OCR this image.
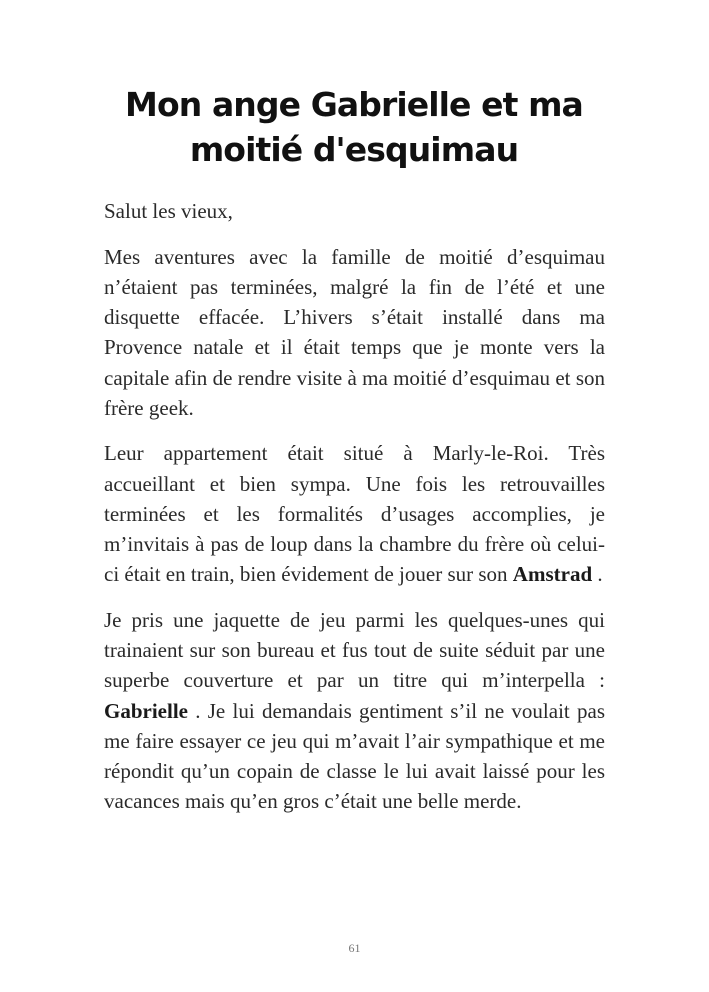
Mon ange Gabrielle et ma moitié d'esquimau

Salut les vieux,

Mes aventures avec la famille de moitié d’esquimau n’étaient pas terminées, malgré la fin de l’été et une disquette effacée. L’hivers s’était installé dans ma Provence natale et il était temps que je monte vers la capitale afin de rendre visite à ma moitié d’esquimau et son frère geek.

Leur appartement était situé à Marly-le-Roi. Très accueillant et bien sympa. Une fois les retrouvailles terminées et les formalités d’usages accomplies, je m’invitais à pas de loup dans la chambre du frère où celui-ci était en train, bien évidement de jouer sur son Amstrad .

Je pris une jaquette de jeu parmi les quelques-unes qui trainaient sur son bureau et fus tout de suite séduit par une superbe couverture et par un titre qui m’interpella : Gabrielle . Je lui demandais gentiment s’il ne voulait pas me faire essayer ce jeu qui m’avait l’air sympathique et me répondit qu’un copain de classe le lui avait laissé pour les vacances mais qu’en gros c’était une belle merde.

61
